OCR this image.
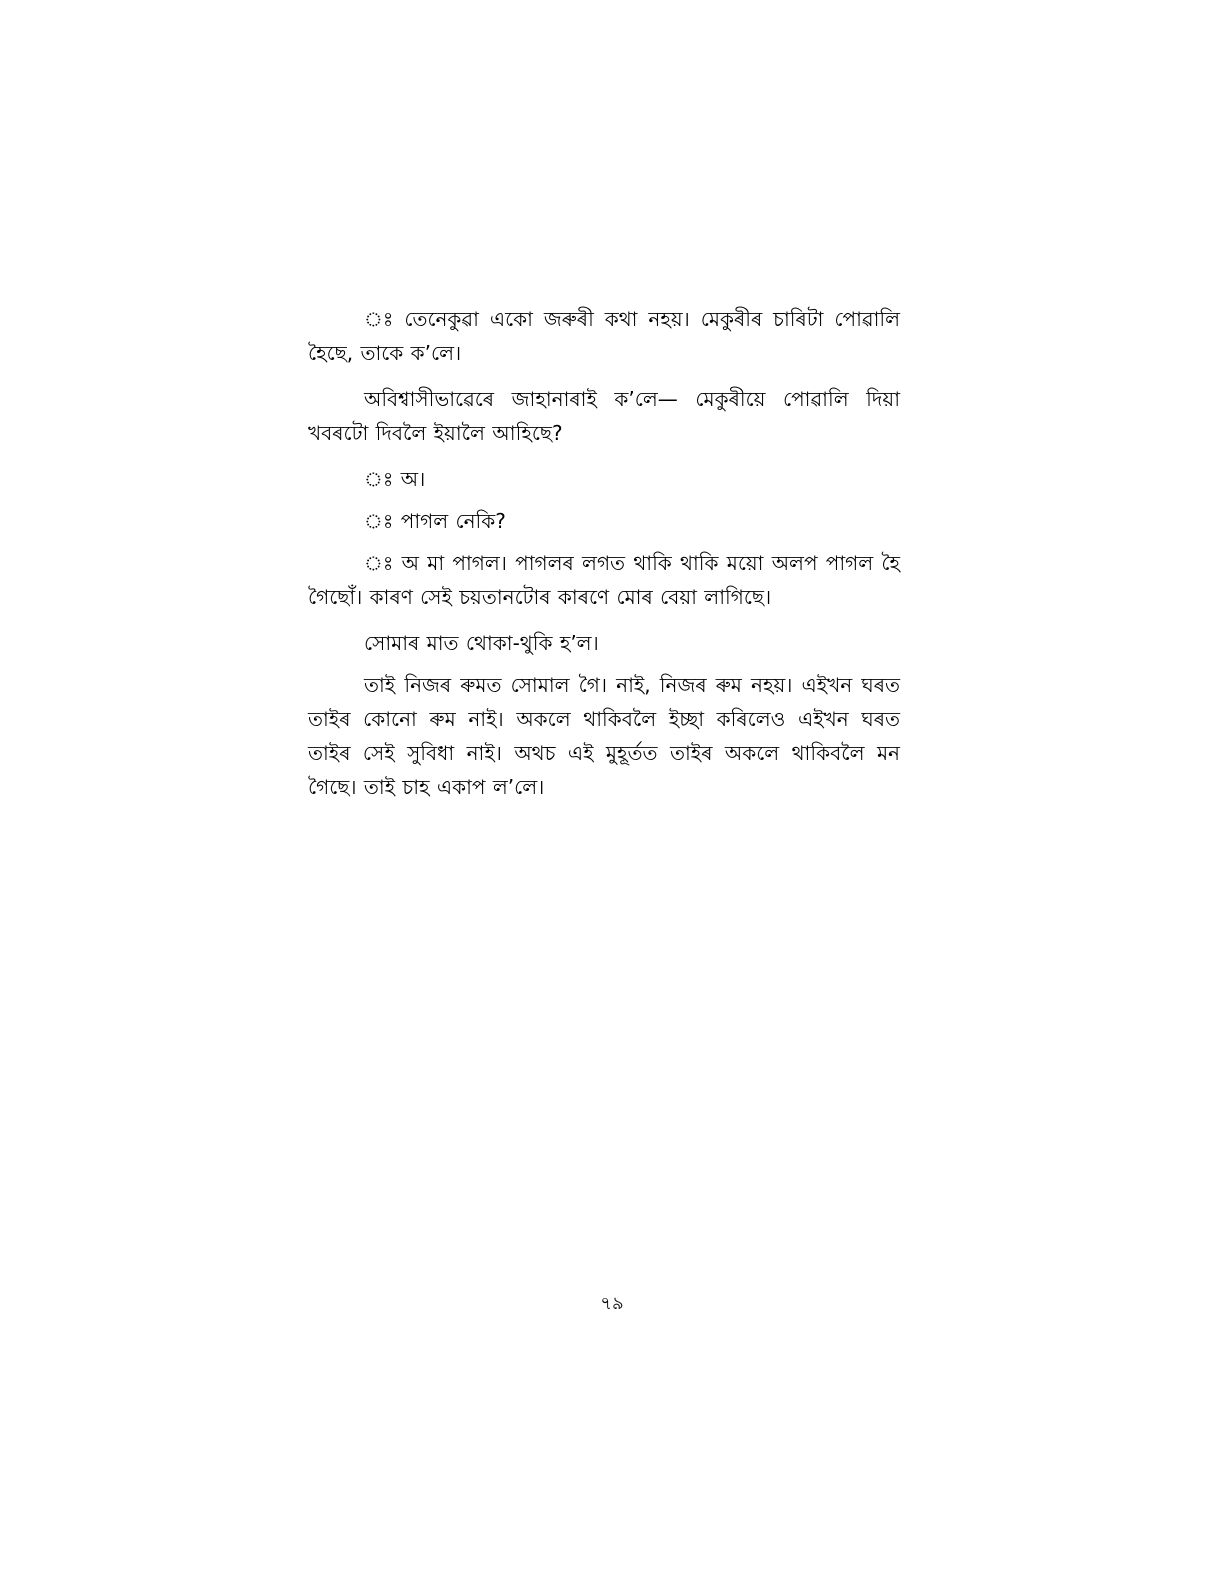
ঃ তেনেকুৱা একো জৰুৰী কথা নহয়। মেকুৰীৰ চাৰিটা পোৱালি হৈছে, তাকে ক’লে।

অবিশ্বাসীভাৱেৰে জাহানাৰাই ক’লে— মেকুৰীয়ে পোৱালি দিয়া খবৰটো দিবলৈ ইয়ালৈ আহিছে?

ঃ অ।

ঃ পাগল নেকি?

ঃ অ মা পাগল। পাগলৰ লগত থাকি থাকি ময়ো অলপ পাগল হৈ গৈছোঁ। কাৰণ সেই চয়তানটোৰ কাৰণে মোৰ বেয়া লাগিছে।

সোমাৰ মাত থোকা-থুকি হ’ল।

তাই নিজৰ ৰুমত সোমাল গৈ। নাই, নিজৰ ৰুম নহয়। এইখন ঘৰত তাইৰ কোনো ৰুম নাই। অকলে থাকিবলৈ ইচ্ছা কৰিলেও এইখন ঘৰত তাইৰ সেই সুবিধা নাই। অথচ এই মুহূৰ্তত তাইৰ অকলে থাকিবলৈ মন গৈছে। তাই চাহ একাপ ল’লে।

৭৯
